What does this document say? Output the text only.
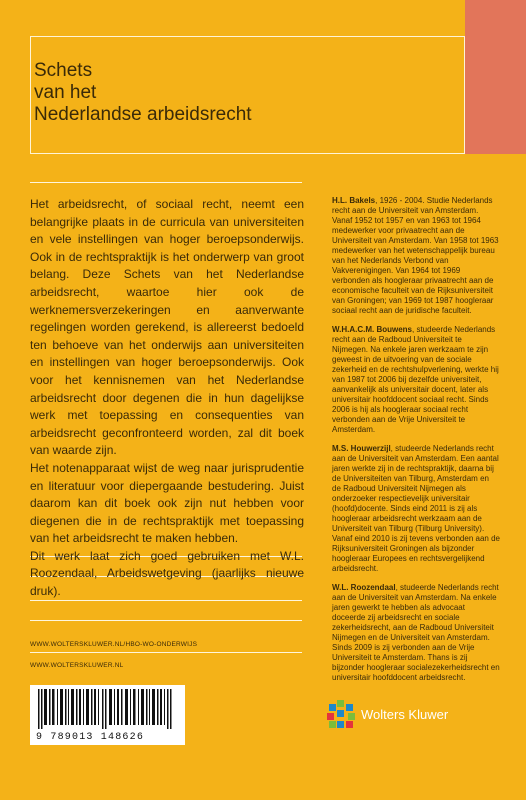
Schets
van het
Nederlandse arbeidsrecht

Het arbeidsrecht, of sociaal recht, neemt een belangrijke plaats in de curricula van universiteiten en vele instellingen van hoger beroepsonderwijs. Ook in de rechtspraktijk is het onderwerp van groot belang. Deze Schets van het Nederlandse arbeidsrecht, waartoe hier ook de werknemersverzekeringen en aanverwante regelingen worden gerekend, is allereerst bedoeld ten behoeve van het onderwijs aan universiteiten en instellingen van hoger beroepsonderwijs. Ook voor het kennisnemen van het Nederlandse arbeidsrecht door degenen die in hun dagelijkse werk met toepassing en consequenties van arbeidsrecht geconfronteerd worden, zal dit boek van waarde zijn.

Het notenapparaat wijst de weg naar jurisprudentie en literatuur voor diepergaande bestudering. Juist daarom kan dit boek ook zijn nut hebben voor diegenen die in de rechtspraktijk met toepassing van het arbeidsrecht te maken hebben.

Dit werk laat zich goed gebruiken met W.L. Roozendaal, Arbeidswetgeving (jaarlijks nieuwe druk).

H.L. Bakels, 1926 - 2004. Studie Nederlands recht aan de Universiteit van Amsterdam. Vanaf 1952 tot 1957 en van 1963 tot 1964 medewerker voor privaatrecht aan de Universiteit van Amsterdam. Van 1958 tot 1963 medewerker van het wetenschappelijk bureau van het Nederlands Verbond van Vakverenigingen. Van 1964 tot 1969 verbonden als hoogleraar privaatrecht aan de economische faculteit van de Rijksuniversiteit van Groningen; van 1969 tot 1987 hoogleraar sociaal recht aan de juridische faculteit.

W.H.A.C.M. Bouwens, studeerde Nederlands recht aan de Radboud Universiteit te Nijmegen. Na enkele jaren werkzaam te zijn geweest in de uitvoering van de sociale zekerheid en de rechtshulpverlening, werkte hij van 1987 tot 2006 bij dezelfde universiteit, aanvankelijk als universitair docent, later als universitair hoofddocent sociaal recht. Sinds 2006 is hij als hoogleraar sociaal recht verbonden aan de Vrije Universiteit te Amsterdam.

M.S. Houwerzijl, studeerde Nederlands recht aan de Universiteit van Amsterdam. Een aantal jaren werkte zij in de rechtspraktijk, daarna bij de Universiteiten van Tilburg, Amsterdam en de Radboud Universiteit Nijmegen als onderzoeker respectievelijk universitair (hoofd)docente. Sinds eind 2011 is zij als hoogleraar arbeidsrecht werkzaam aan de Universiteit van Tilburg (Tilburg University). Vanaf eind 2010 is zij tevens verbonden aan de Rijksuniversiteit Groningen als bijzonder hoogleraar Europees en rechtsvergelijkend arbeidsrecht.

W.L. Roozendaal, studeerde Nederlands recht aan de Universiteit van Amsterdam. Na enkele jaren gewerkt te hebben als advocaat doceerde zij arbeidsrecht en sociale zekerheidsrecht, aan de Radboud Universiteit Nijmegen en de Universiteit van Amsterdam. Sinds 2009 is zij verbonden aan de Vrije Universiteit te Amsterdam. Thans is zij bijzonder hoogleraar socialezekerheidsrecht en universitair hoofddocent arbeidsrecht.

WWW.WOLTERSKLUWER.NL/HBO-WO-ONDERWIJS
WWW.WOLTERSKLUWER.NL
9 789013 148626
Wolters Kluwer
